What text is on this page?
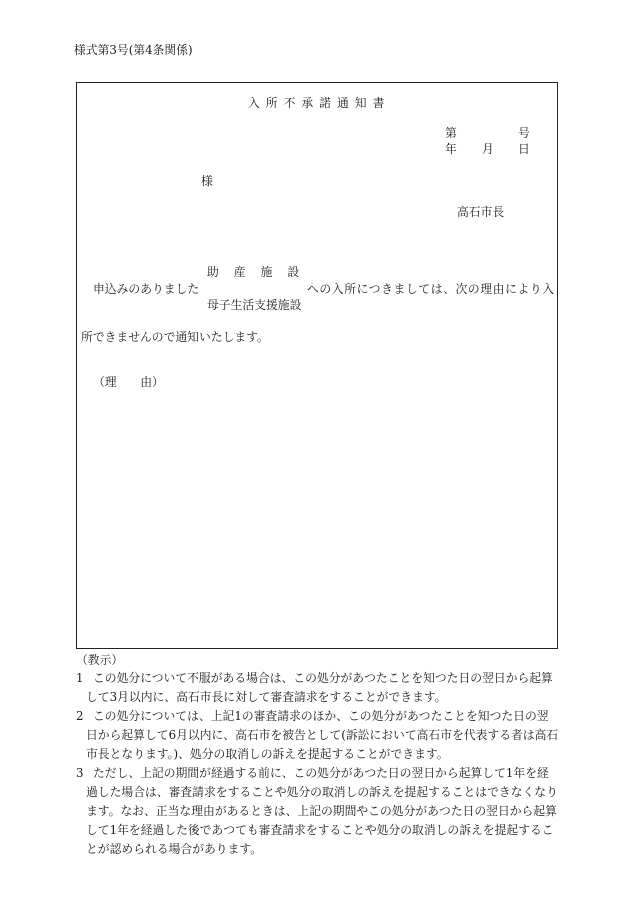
様式第3号(第4条関係)
入所不承諾通知書
第	号
年 月 日
様
高石市長
助産施設
申込みのありました	への入所につきましては、次の理由により入
母子生活支援施設
所できませんので通知いたします。
（理　　由）
（教示）
1 この処分について不服がある場合は、この処分があつたことを知つた日の翌日から起算
して3月以内に、高石市長に対して審査請求をすることができます。
2 この処分については、上記1の審査請求のほか、この処分があつたことを知つた日の翌
日から起算して6月以内に、高石市を被告として(訴訟において高石市を代表する者は高石
市長となります。)、処分の取消しの訴えを提起することができます。
3 ただし、上記の期間が経過する前に、この処分があつた日の翌日から起算して1年を経
過した場合は、審査請求をすることや処分の取消しの訴えを提起することはできなくなり
ます。なお、正当な理由があるときは、上記の期間やこの処分があつた日の翌日から起算
して1年を経過した後であつても審査請求をすることや処分の取消しの訴えを提起するこ
とが認められる場合があります。
